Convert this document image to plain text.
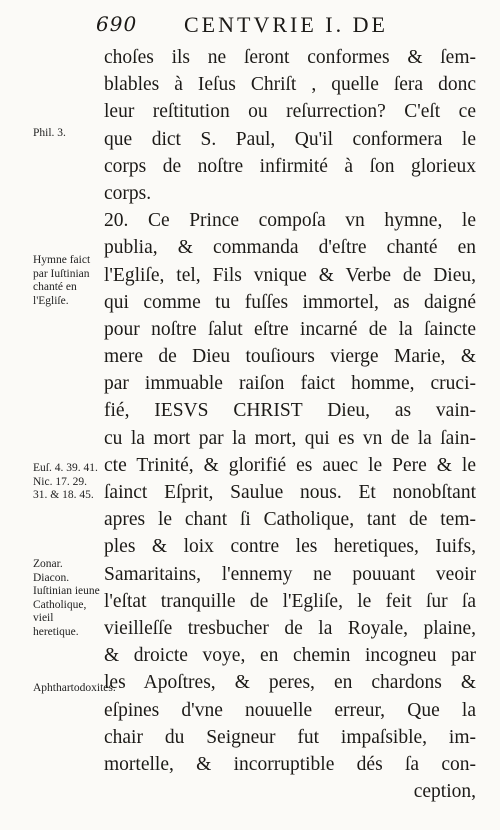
690 CENTVRIE I. DE
Phil. 3.
Hymne faict par Iuſtinian chanté en l'Egliſe.
Euſ. 4. 39. 41. Nic. 17. 29. 31. & 18. 45.
Zonar. Diacon. Iuſtinian ieune Catholique, vieil heretique.
Aphthartodoxites.
choſes ils ne ſeront conformes & ſem-
blables à Ieſus Chriſt , quelle ſera donc
leur reſtitution ou reſurrection? C'eſt ce
que dict S. Paul, Qu'il conformera le
corps de noſtre infirmité à ſon glorieux
corps.
20. Ce Prince compoſa vn hymne, le
publia, & commanda d'eſtre chanté en
l'Egliſe, tel, Fils vnique & Verbe de Dieu,
qui comme tu fuſſes immortel, as daigné
pour noſtre ſalut eſtre incarné de la ſaincte
mere de Dieu touſiours vierge Marie, &
par immuable raiſon faict homme, cruci-
fié, IESVS CHRIST Dieu, as vain-
cu la mort par la mort, qui es vn de la ſain-
cte Trinité, & glorifié es auec le Pere & le
ſainct Eſprit, Saulue nous. Et nonobſtant
apres le chant ſi Catholique, tant de tem-
ples & loix contre les heretiques, Iuifs,
Samaritains, l'ennemy ne pouuant veoir
l'eſtat tranquille de l'Egliſe, le feit ſur ſa
vieilleſſe tresbucher de la Royale, plaine,
& droicte voye, en chemin incogneu par
les Apoſtres, & peres, en chardons &
eſpines d'vne nouuelle erreur, Que la
chair du Seigneur fut impaſsible, im-
mortelle, & incorruptible dés ſa con-
ception,
